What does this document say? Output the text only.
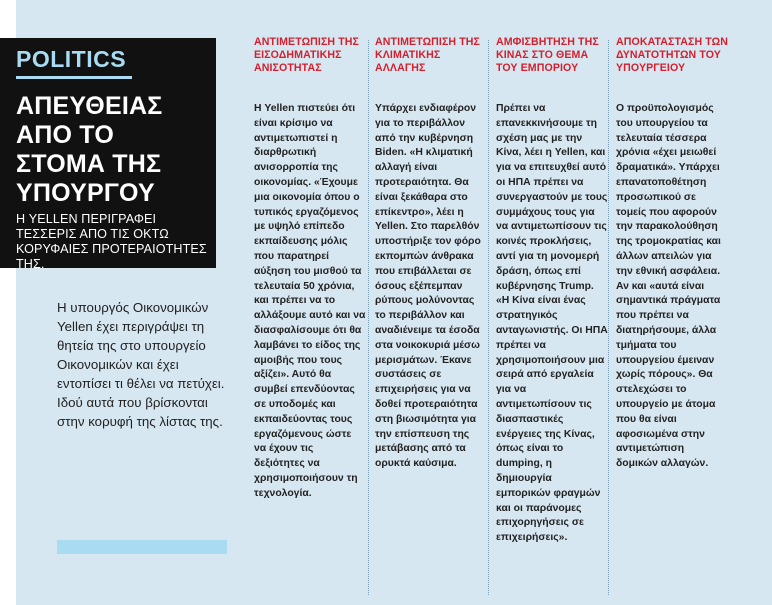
POLITICS
ΑΠΕΥΘΕΙΑΣ
ΑΠΟ ΤΟ
ΣΤΟΜΑ ΤΗΣ
ΥΠΟΥΡΓΟΥ
Η YELLEN ΠΕΡΙΓΡΑΦΕΙ ΤΕΣΣΕΡΙΣ ΑΠΟ ΤΙΣ ΟΚΤΩ ΚΟΡΥΦΑΙΕΣ ΠΡΟΤΕΡΑΙΟΤΗΤΕΣ ΤΗΣ.
Η υπουργός Οικονομικών Yellen έχει περιγράψει τη θητεία της στο υπουργείο Οικονομικών και έχει εντοπίσει τι θέλει να πετύχει. Ιδού αυτά που βρίσκονται στην κορυφή της λίστας της.
ΑΝΤΙΜΕΤΩΠΙΣΗ ΤΗΣ ΕΙΣΟΔΗΜΑΤΙΚΗΣ ΑΝΙΣΟΤΗΤΑΣ
Η Yellen πιστεύει ότι είναι κρίσιμο να αντιμετωπιστεί η διαρθρωτική ανισορροπία της οικονομίας. «Έχουμε μια οικονομία όπου ο τυπικός εργαζόμενος με υψηλό επίπεδο εκπαίδευσης μόλις που παρατηρεί αύξηση του μισθού τα τελευταία 50 χρόνια, και πρέπει να το αλλάξουμε αυτό και να διασφαλίσουμε ότι θα λαμβάνει το είδος της αμοιβής που τους αξίζει». Αυτό θα συμβεί επενδύοντας σε υποδομές και εκπαιδεύοντας τους εργαζόμενους ώστε να έχουν τις δεξιότητες να χρησιμοποιήσουν τη τεχνολογία.
ΑΝΤΙΜΕΤΩΠΙΣΗ ΤΗΣ ΚΛΙΜΑΤΙΚΗΣ ΑΛΛΑΓΗΣ
Υπάρχει ενδιαφέρον για το περιβάλλον από την κυβέρνηση Biden. «Η κλιματική αλλαγή είναι προτεραιότητα. Θα είναι ξεκάθαρα στο επίκεντρο», λέει η Yellen. Στο παρελθόν υποστήριξε τον φόρο εκπομπών άνθρακα που επιβάλλεται σε όσους εξέπεμπαν ρύπους μολύνοντας το περιβάλλον και αναδιένειμε τα έσοδα στα νοικοκυριά μέσω μερισμάτων. Έκανε συστάσεις σε επιχειρήσεις για να δοθεί προτεραιότητα στη βιωσιμότητα για την επίσπευση της μετάβασης από τα ορυκτά καύσιμα.
ΑΜΦΙΣΒΗΤΗΣΗ ΤΗΣ ΚΙΝΑΣ ΣΤΟ ΘΕΜΑ ΤΟΥ ΕΜΠΟΡΙΟΥ
Πρέπει να επανεκκινήσουμε τη σχέση μας με την Κίνα, λέει η Yellen, και για να επιτευχθεί αυτό οι ΗΠΑ πρέπει να συνεργαστούν με τους συμμάχους τους για να αντιμετωπίσουν τις κοινές προκλήσεις, αντί για τη μονομερή δράση, όπως επί κυβέρνησης Trump. «Η Κίνα είναι ένας στρατηγικός ανταγωνιστής. Οι ΗΠΑ πρέπει να χρησιμοποιήσουν μια σειρά από εργαλεία για να αντιμετωπίσουν τις διασπαστικές ενέργειες της Κίνας, όπως είναι το dumping, η δημιουργία εμπορικών φραγμών και οι παράνομες επιχορηγήσεις σε επιχειρήσεις».
ΑΠΟΚΑΤΑΣΤΑΣΗ ΤΩΝ ΔΥΝΑΤΟΤΗΤΩΝ ΤΟΥ ΥΠΟΥΡΓΕΙΟΥ
Ο προϋπολογισμός του υπουργείου τα τελευταία τέσσερα χρόνια «έχει μειωθεί δραματικά». Υπάρχει επανατοποθέτηση προσωπικού σε τομείς που αφορούν την παρακολούθηση της τρομοκρατίας και άλλων απειλών για την εθνική ασφάλεια. Αν και «αυτά είναι σημαντικά πράγματα που πρέπει να διατηρήσουμε, άλλα τμήματα του υπουργείου έμειναν χωρίς πόρους». Θα στελεχώσει το υπουργείο με άτομα που θα είναι αφοσιωμένα στην αντιμετώπιση δομικών αλλαγών.
